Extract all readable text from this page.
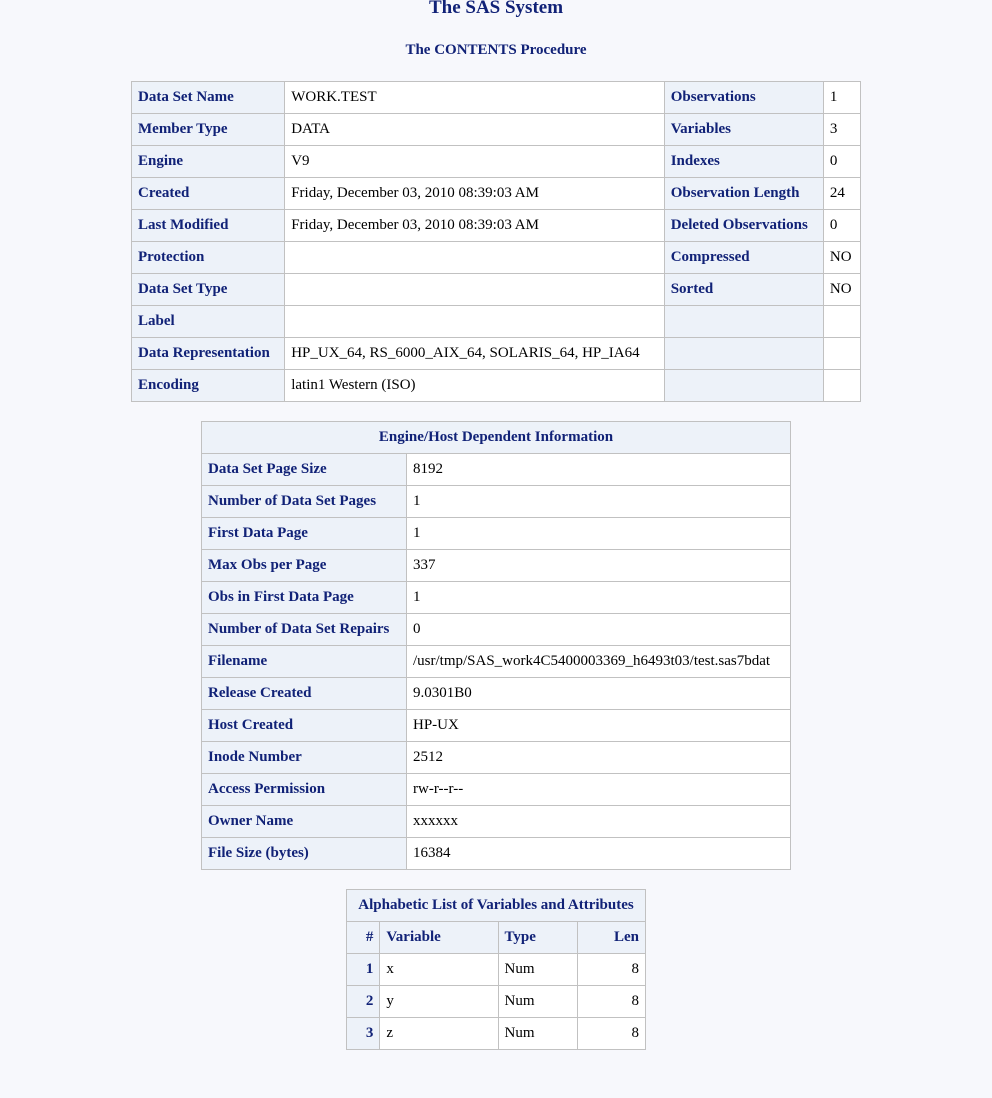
The SAS System
The CONTENTS Procedure
Data Set Name	WORK.TEST	Observations	1
Member Type	DATA	Variables	3
Engine	V9	Indexes	0
Created	Friday, December 03, 2010 08:39:03 AM	Observation Length	24
Last Modified	Friday, December 03, 2010 08:39:03 AM	Deleted Observations	0
Protection		Compressed	NO
Data Set Type		Sorted	NO
Label			
Data Representation	HP_UX_64, RS_6000_AIX_64, SOLARIS_64, HP_IA64		
Encoding	latin1 Western (ISO)		
Engine/Host Dependent Information	
Data Set Page Size	8192
Number of Data Set Pages	1
First Data Page	1
Max Obs per Page	337
Obs in First Data Page	1
Number of Data Set Repairs	0
Filename	/usr/tmp/SAS_work4C5400003369_h6493t03/test.sas7bdat
Release Created	9.0301B0
Host Created	HP-UX
Inode Number	2512
Access Permission	rw-r--r--
Owner Name	xxxxxx
File Size (bytes)	16384
Alphabetic List of Variables and Attributes			
#	Variable	Type	Len
1	x	Num	8
2	y	Num	8
3	z	Num	8
